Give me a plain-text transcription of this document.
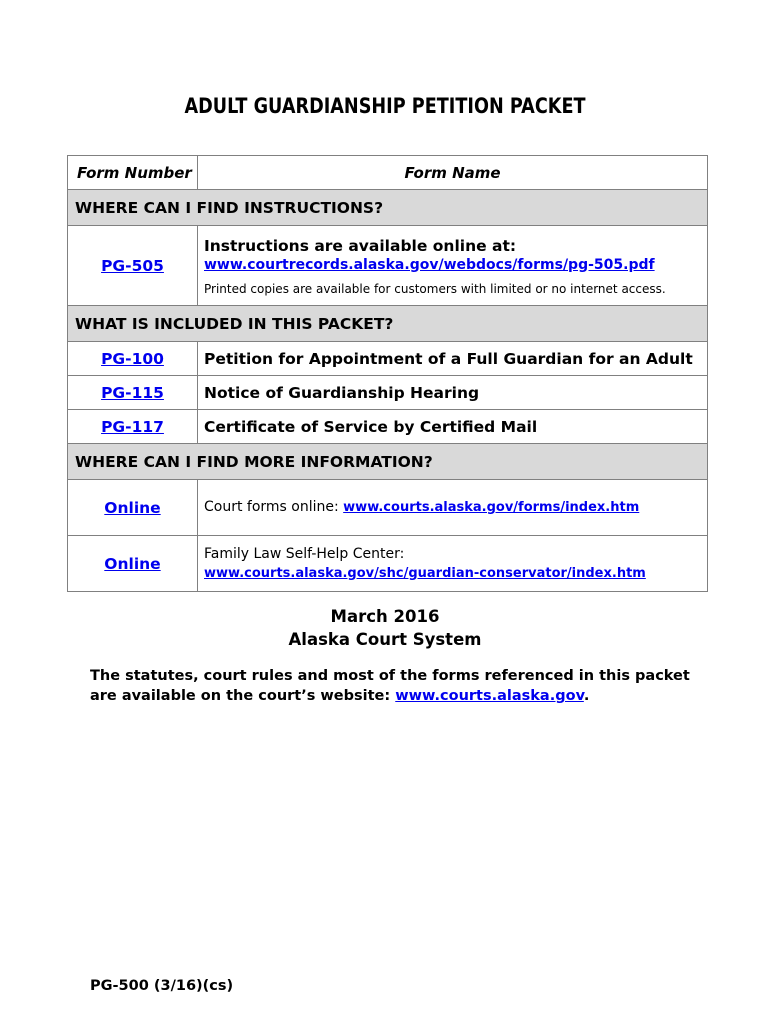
ADULT GUARDIANSHIP PETITION PACKET
Form Number	Form Name
WHERE CAN I FIND INSTRUCTIONS?	
PG-505	Instructions are available online at:
www.courtrecords.alaska.gov/webdocs/forms/pg-505.pdf
Printed copies are available for customers with limited or no internet access.

WHAT IS INCLUDED IN THIS PACKET?	
PG-100	Petition for Appointment of a Full Guardian for an Adult
PG-115	Notice of Guardianship Hearing
PG-117	Certificate of Service by Certified Mail
WHERE CAN I FIND MORE INFORMATION?	
Online	Court forms online: www.courts.alaska.gov/forms/index.htm

Online	Family Law Self-Help Center:
www.courts.alaska.gov/shc/guardian-conservator/index.htm
March 2016
Alaska Court System
The statutes, court rules and most of the forms referenced in this packet are available on the court’s website: www.courts.alaska.gov.
PG-500 (3/16)(cs)
